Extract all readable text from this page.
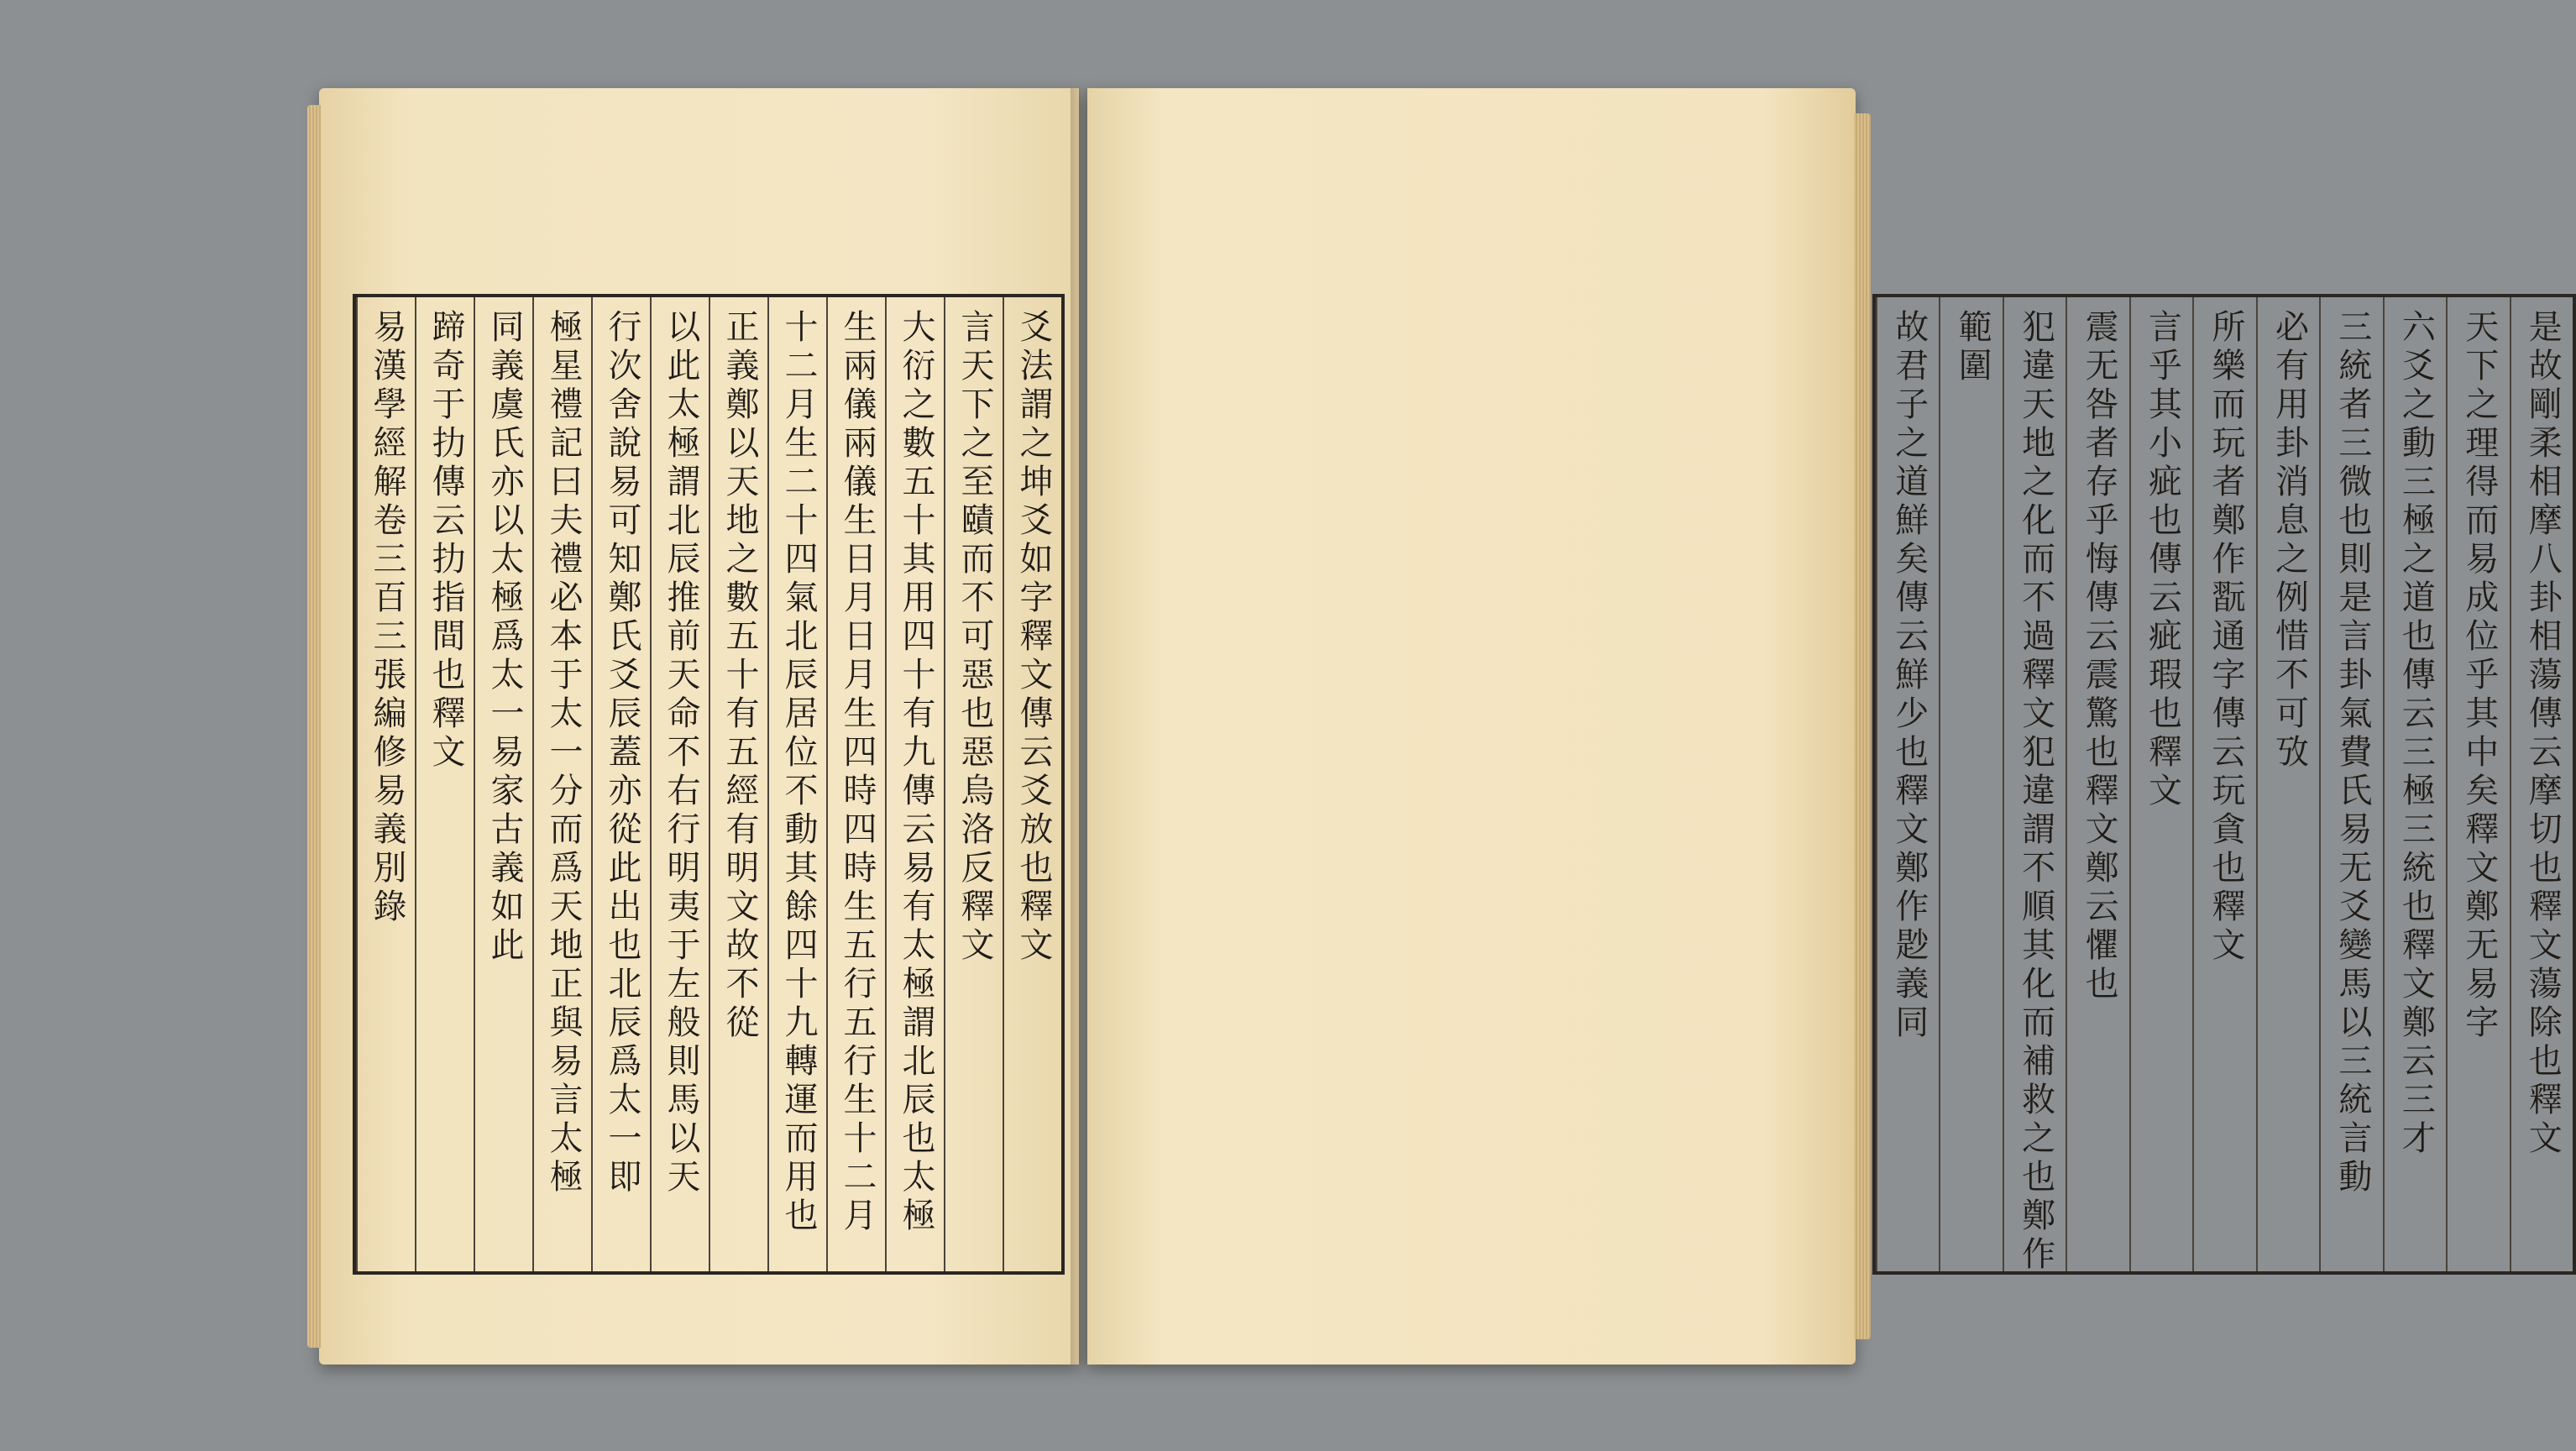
爻法謂之坤爻如字釋文傳云爻放也釋文
言天下之至賾而不可惡也惡烏洛反釋文
大衍之數五十其用四十有九傳云易有太極謂北辰也太極
生兩儀兩儀生日月日月生四時四時生五行五行生十二月
十二月生二十四氣北辰居位不動其餘四十九轉運而用也
正義鄭以天地之數五十有五經有明文故不從
以此太極謂北辰推前天命不右行明夷于左般則馬以天
行次舍說易可知鄭氏爻辰蓋亦從此出也北辰爲太一即
極星禮記曰夫禮必本于太一分而爲天地正與易言太極
同義虞氏亦以太極爲太一易家古義如此
蹄奇于扐傳云扐指間也釋文
易漢學經解卷三百三張編修易義別錄	是故剛柔相摩八卦相蕩傳云摩切也釋文蕩除也釋文
天下之理得而易成位乎其中矣釋文鄭无易字
六爻之動三極之道也傳云三極三統也釋文鄭云三才
三統者三微也則是言卦氣費氏易无爻變馬以三統言動
必有用卦消息之例惜不可攷
所樂而玩者鄭作翫通字傳云玩貪也釋文
言乎其小疵也傳云疵瑕也釋文
震无咎者存乎悔傳云震驚也釋文鄭云懼也
犯違天地之化而不過釋文犯違謂不順其化而補救之也鄭作
範圍
故君子之道鮮矣傳云鮮少也釋文鄭作尟義同
